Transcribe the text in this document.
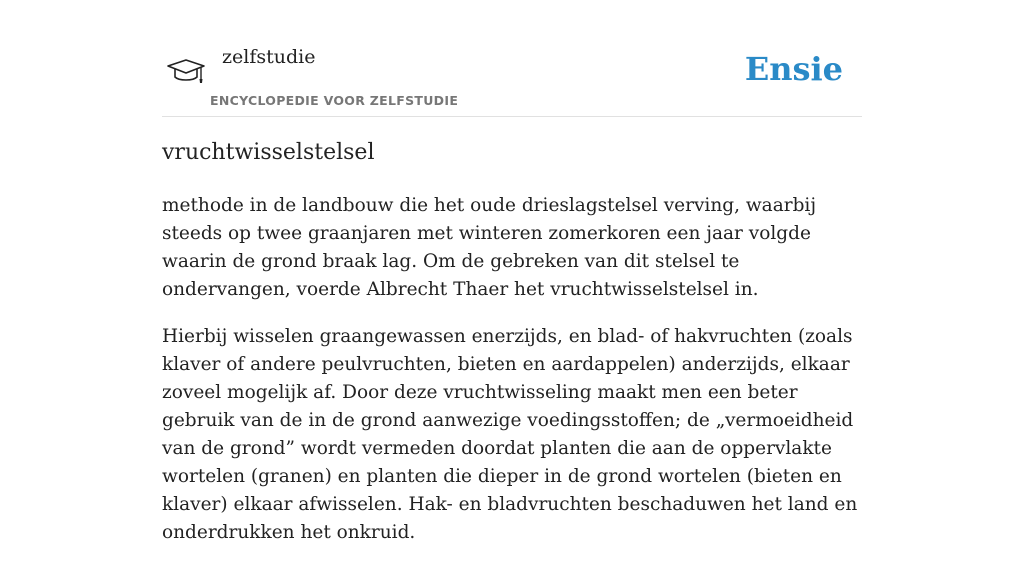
zelfstudie
ENCYCLOPEDIE VOOR ZELFSTUDIE
Ensie
vruchtwisselstelsel

methode in de landbouw die het oude drieslagstelsel verving, waarbij steeds op twee graanjaren met winteren zomerkoren een jaar volgde waarin de grond braak lag. Om de gebreken van dit stelsel te ondervangen, voerde Albrecht Thaer het vruchtwisselstelsel in.

Hierbij wisselen graangewassen enerzijds, en blad- of hakvruchten (zoals klaver of andere peulvruchten, bieten en aardappelen) anderzijds, elkaar zoveel mogelijk af. Door deze vruchtwisseling maakt men een beter gebruik van de in de grond aanwezige voedingsstoffen; de „vermoeidheid van de grond” wordt vermeden doordat planten die aan de oppervlakte wortelen (granen) en planten die dieper in de grond wortelen (bieten en klaver) elkaar afwisselen. Hak- en bladvruchten beschaduwen het land en onderdrukken het onkruid.
